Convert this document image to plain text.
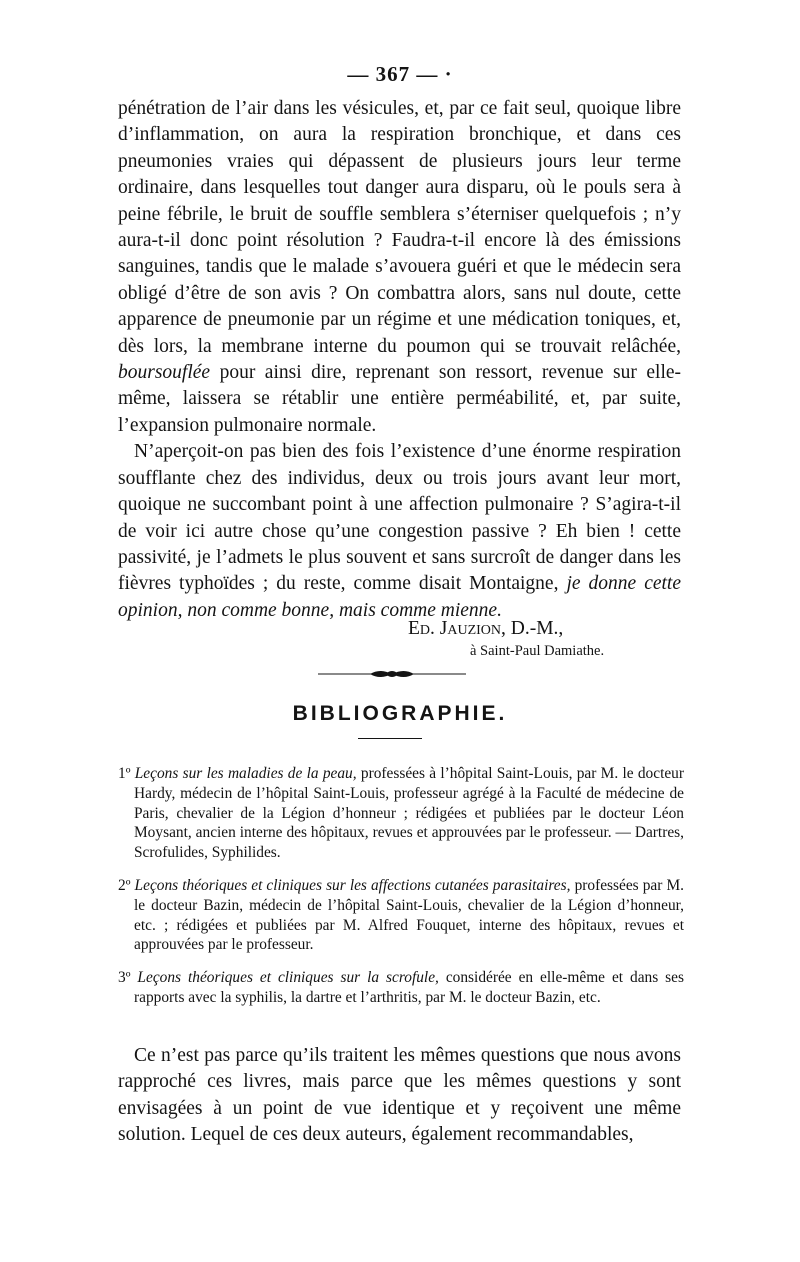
— 367 — ·

pénétration de l’air dans les vésicules, et, par ce fait seul, quoique libre d’inflammation, on aura la respiration bronchique, et dans ces pneumonies vraies qui dépassent de plusieurs jours leur terme ordinaire, dans lesquelles tout danger aura disparu, où le pouls sera à peine fébrile, le bruit de souffle semblera s’éterniser quelquefois ; n’y aura-t-il donc point résolution ? Faudra-t-il encore là des émissions sanguines, tandis que le malade s’avouera guéri et que le médecin sera obligé d’être de son avis ? On combattra alors, sans nul doute, cette apparence de pneumonie par un régime et une médication toniques, et, dès lors, la membrane interne du poumon qui se trouvait relâchée, boursouflée pour ainsi dire, reprenant son ressort, revenue sur elle-même, laissera se rétablir une entière perméabilité, et, par suite, l’expansion pulmonaire normale.

N’aperçoit-on pas bien des fois l’existence d’une énorme respiration soufflante chez des individus, deux ou trois jours avant leur mort, quoique ne succombant point à une affection pulmonaire ? S’agira-t-il de voir ici autre chose qu’une congestion passive ? Eh bien ! cette passivité, je l’admets le plus souvent et sans surcroît de danger dans les fièvres typhoïdes ; du reste, comme disait Montaigne, je donne cette opinion, non comme bonne, mais comme mienne.

Ed. Jauzion, D.-M.,
à Saint-Paul Damiathe.
BIBLIOGRAPHIE.

1º Leçons sur les maladies de la peau, professées à l’hôpital Saint-Louis, par M. le docteur Hardy, médecin de l’hôpital Saint-Louis, professeur agrégé à la Faculté de médecine de Paris, chevalier de la Légion d’honneur ; rédigées et publiées par le docteur Léon Moysant, ancien interne des hôpitaux, revues et approuvées par le professeur. — Dartres, Scrofulides, Syphilides.

2º Leçons théoriques et cliniques sur les affections cutanées parasitaires, professées par M. le docteur Bazin, médecin de l’hôpital Saint-Louis, chevalier de la Légion d’honneur, etc. ; rédigées et publiées par M. Alfred Fouquet, interne des hôpitaux, revues et approuvées par le professeur.

3º Leçons théoriques et cliniques sur la scrofule, considérée en elle-même et dans ses rapports avec la syphilis, la dartre et l’arthritis, par M. le docteur Bazin, etc.

Ce n’est pas parce qu’ils traitent les mêmes questions que nous avons rapproché ces livres, mais parce que les mêmes questions y sont envisagées à un point de vue identique et y reçoivent une même solution. Lequel de ces deux auteurs, également recommandables,
